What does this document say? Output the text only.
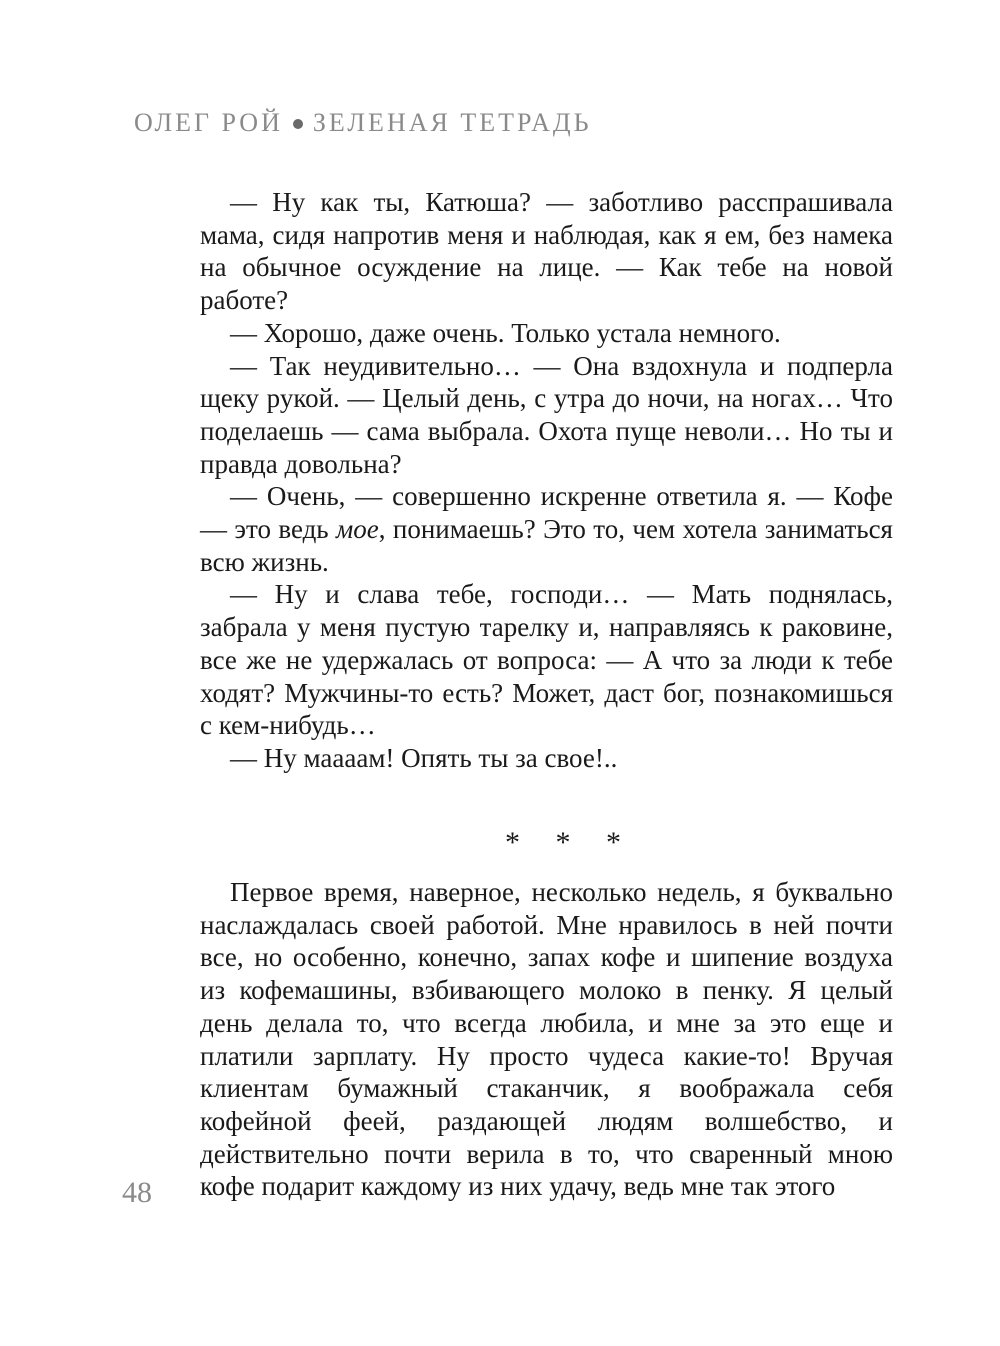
ОЛЕГ РОЙ ЗЕЛЕНАЯ ТЕТРАДЬ

— Ну как ты, Катюша? — заботливо расспрашивала мама, сидя напротив меня и наблюдая, как я ем, без намека на обычное осуждение на лице. — Как тебе на новой работе?

— Хорошо, даже очень. Только устала немного.

— Так неудивительно… — Она вздохнула и подперла щеку рукой. — Целый день, с утра до ночи, на ногах… Что поделаешь — сама выбрала. Охота пуще неволи… Но ты и правда довольна?

— Очень, — совершенно искренне ответила я. — Кофе — это ведь мое, понимаешь? Это то, чем хотела заниматься всю жизнь.

— Ну и слава тебе, господи… — Мать поднялась, забрала у меня пустую тарелку и, направляясь к раковине, все же не удержалась от вопроса: — А что за люди к тебе ходят? Мужчины-то есть? Может, даст бог, познакомишься с кем-нибудь…

— Ну мааaам! Опять ты за свое!..

* * *

Первое время, наверное, несколько недель, я буквально наслаждалась своей работой. Мне нравилось в ней почти все, но особенно, конечно, запах кофе и шипение воздуха из кофемашины, взбивающего молоко в пенку. Я целый день делала то, что всегда любила, и мне за это еще и платили зарплату. Ну просто чудеса какие-то! Вручая клиентам бумажный стаканчик, я воображала себя кофейной феей, раздающей людям волшебство, и действительно почти верила в то, что сваренный мною кофе подарит каждому из них удачу, ведь мне так этого

48
